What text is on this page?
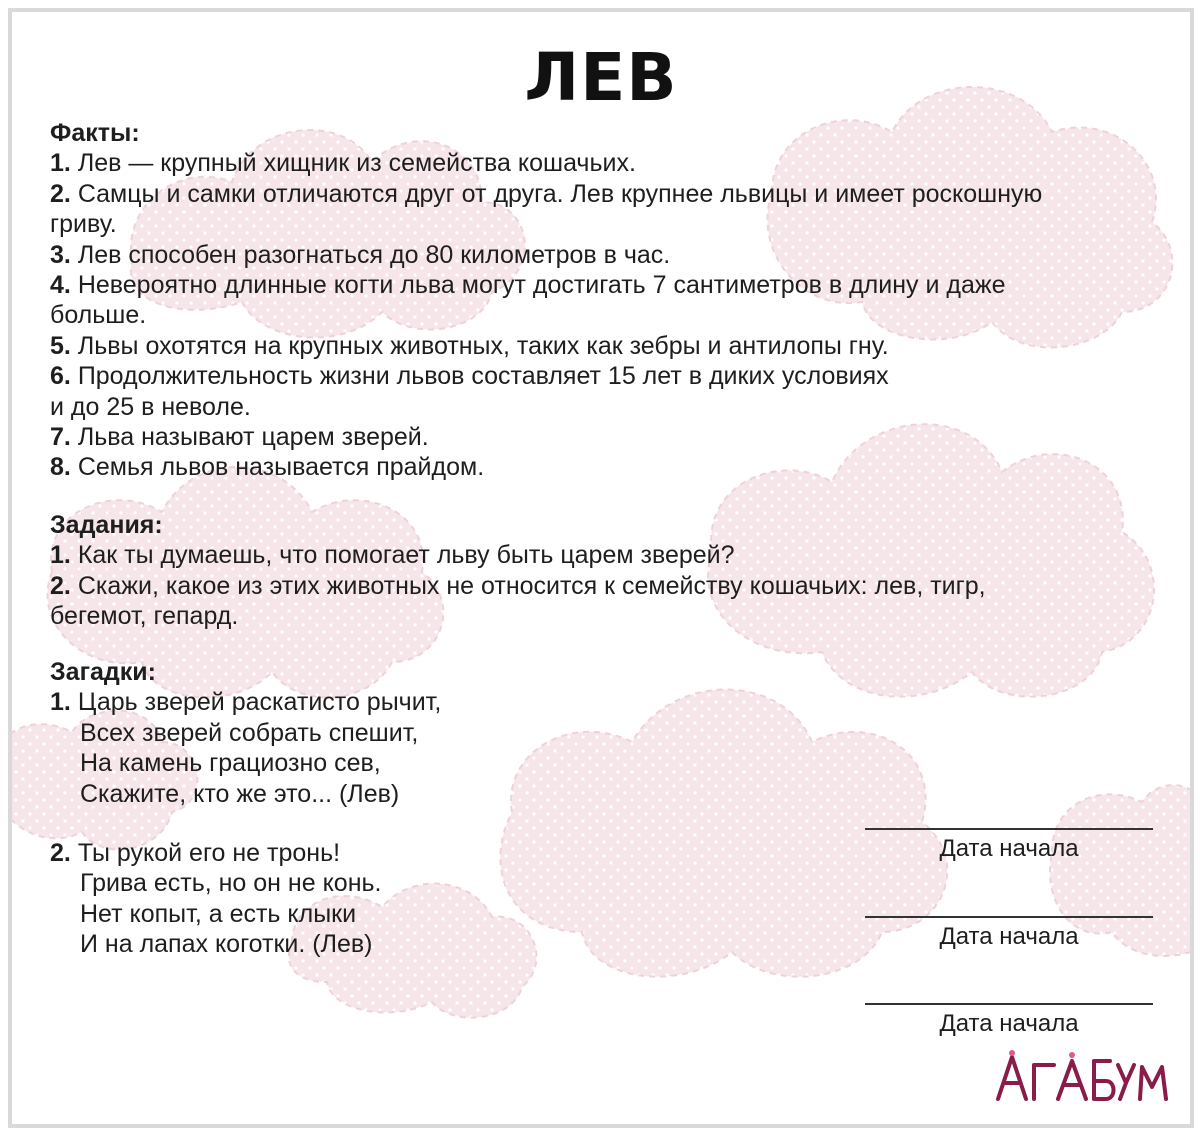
ЛЕВ
Факты:
1. Лев — крупный хищник из семейства кошачьих.
2. Самцы и самки отличаются друг от друга. Лев крупнее львицы и имеет роскошную
гриву.
3. Лев способен разогнаться до 80 километров в час.
4. Невероятно длинные когти льва могут достигать 7 сантиметров в длину и даже
больше.
5. Львы охотятся на крупных животных, таких как зебры и антилопы гну.
6. Продолжительность жизни львов составляет 15 лет в диких условиях
и до 25 в неволе.
7. Льва называют царем зверей.
8. Семья львов называется прайдом.
Задания:
1. Как ты думаешь, что помогает льву быть царем зверей?
2. Скажи, какое из этих животных не относится к семейству кошачьих: лев, тигр,
бегемот, гепард.
Загадки:
1. Царь зверей раскатисто рычит,
Всех зверей собрать спешит,
На камень грациозно сев,
Скажите, кто же это... (Лев)
2. Ты рукой его не тронь!
Грива есть, но он не конь.
Нет копыт, а есть клыки
И на лапах коготки. (Лев)
Дата начала
Дата начала
Дата начала
